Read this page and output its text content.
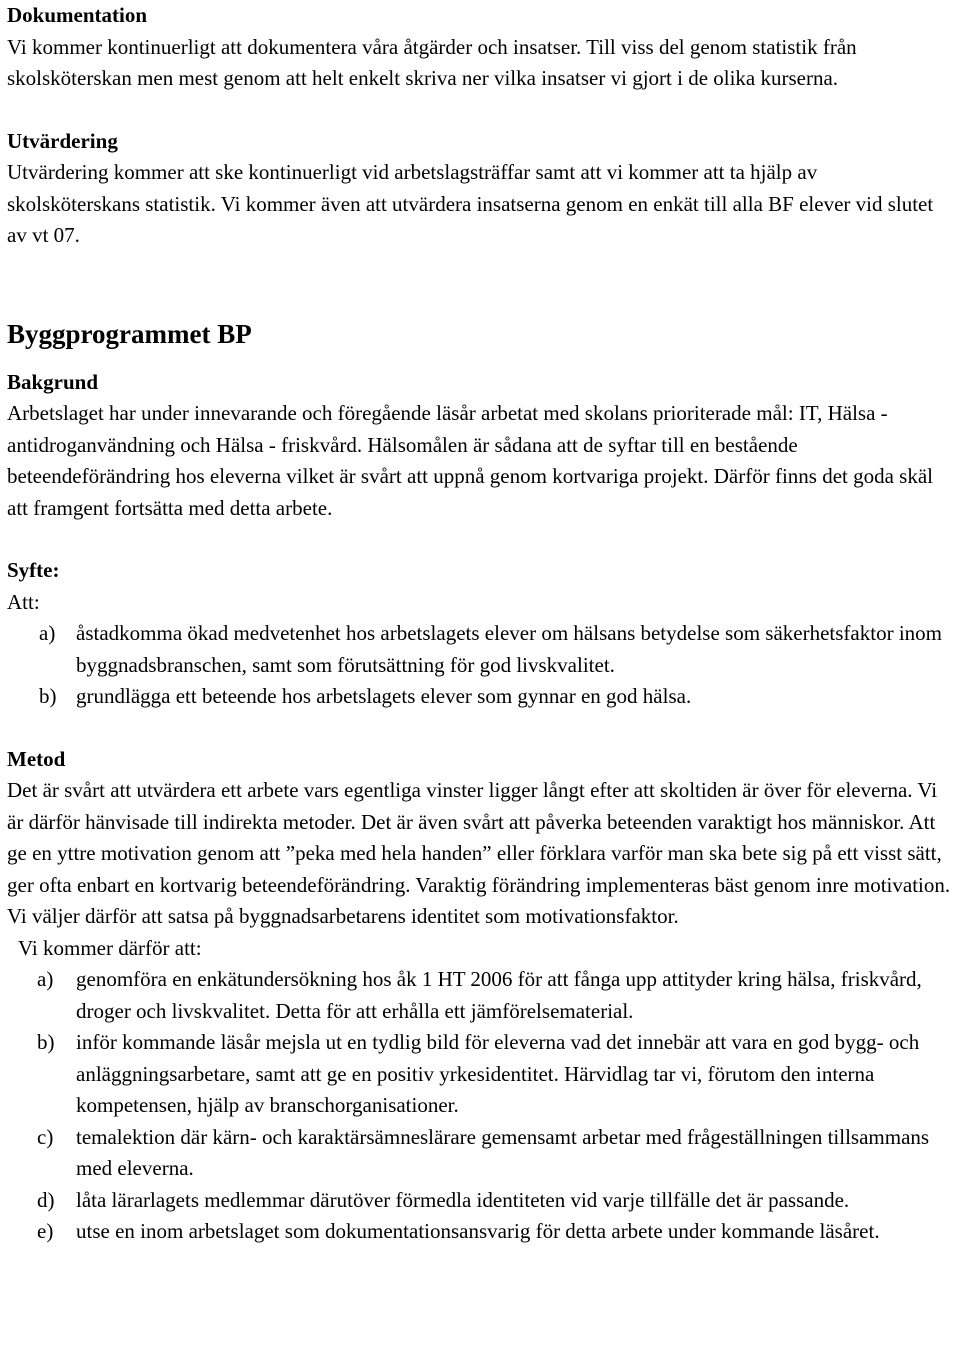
Dokumentation

Vi kommer kontinuerligt att dokumentera våra åtgärder och insatser. Till viss del genom statistik från skolsköterskan men mest genom att helt enkelt skriva ner vilka insatser vi gjort i de olika kurserna.

Utvärdering

Utvärdering kommer att ske kontinuerligt vid arbetslagsträffar samt att vi kommer att ta hjälp av skolsköterskans statistik. Vi kommer även att utvärdera insatserna genom en enkät till alla BF elever vid slutet av vt 07.

Byggprogrammet BP
Bakgrund

Arbetslaget har under innevarande och föregående läsår arbetat med skolans prioriterade mål: IT, Hälsa - antidroganvändning och Hälsa - friskvård. Hälsomålen är sådana att de syftar till en bestående beteendeförändring hos eleverna vilket är svårt att uppnå genom kortvariga projekt. Därför finns det goda skäl att framgent fortsätta med detta arbete.

Syfte:

Att:

a) åstadkomma ökad medvetenhet hos arbetslagets elever om hälsans betydelse som säkerhetsfaktor inom byggnadsbranschen, samt som förutsättning för god livskvalitet.
b) grundlägga ett beteende hos arbetslagets elever som gynnar en god hälsa.
Metod

Det är svårt att utvärdera ett arbete vars egentliga vinster ligger långt efter att skoltiden är över för eleverna. Vi är därför hänvisade till indirekta metoder. Det är även svårt att påverka beteenden varaktigt hos människor. Att ge en yttre motivation genom att ”peka med hela handen” eller förklara varför man ska bete sig på ett visst sätt, ger ofta enbart en kortvarig beteendeförändring. Varaktig förändring implementeras bäst genom inre motivation. Vi väljer därför att satsa på byggnadsarbetarens identitet som motivationsfaktor.

Vi kommer därför att:

a) genomföra en enkätundersökning hos åk 1 HT 2006 för att fånga upp attityder kring hälsa, friskvård, droger och livskvalitet. Detta för att erhålla ett jämförelsematerial.
b) inför kommande läsår mejsla ut en tydlig bild för eleverna vad det innebär att vara en god bygg- och anläggningsarbetare, samt att ge en positiv yrkesidentitet. Härvidlag tar vi, förutom den interna kompetensen, hjälp av branschorganisationer.
c) temalektion där kärn- och karaktärsämneslärare gemensamt arbetar med frågeställningen tillsammans med eleverna.
d) låta lärarlagets medlemmar därutöver förmedla identiteten vid varje tillfälle det är passande.
e) utse en inom arbetslaget som dokumentationsansvarig för detta arbete under kommande läsåret.
